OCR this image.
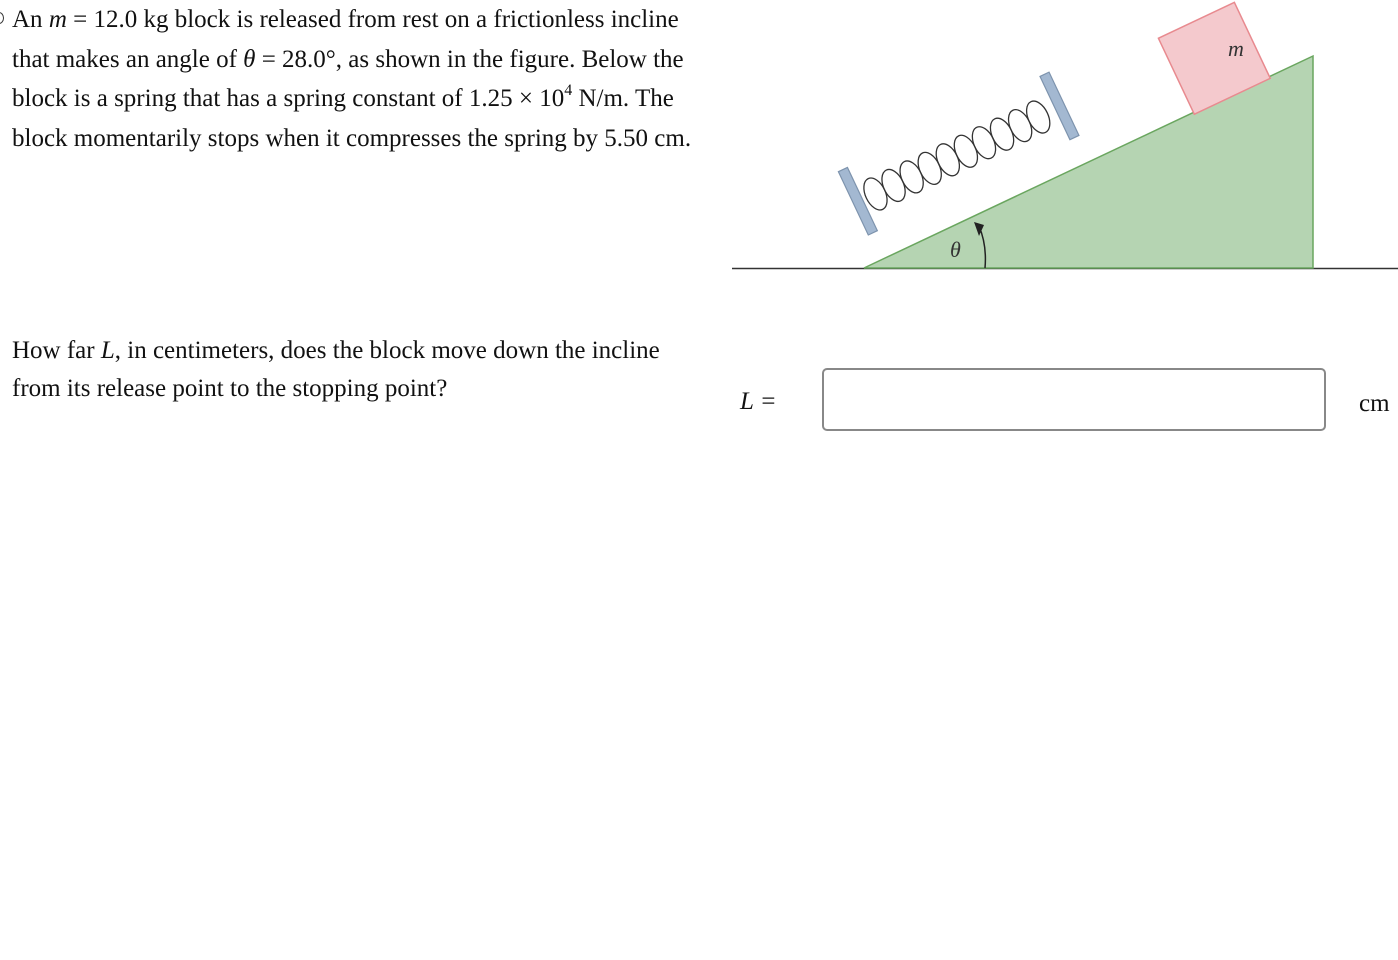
An m = 12.0 kg block is released from rest on a frictionless incline that makes an angle of θ = 28.0°, as shown in the figure. Below the block is a spring that has a spring constant of $1.25 \times 10^4$ N/m. The block momentarily stops when it compresses the spring by 5.50 cm.
m
θ
How far L, in centimeters, does the block move down the incline from its release point to the stopping point?	L =	cm
